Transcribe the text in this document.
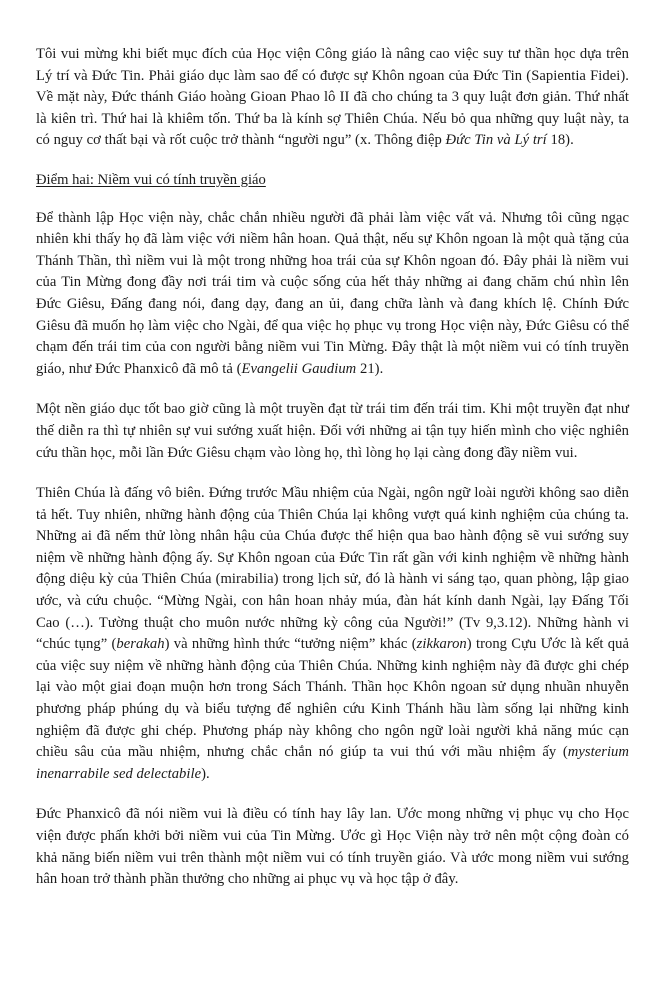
Tôi vui mừng khi biết mục đích của Học viện Công giáo là nâng cao việc suy tư thần học dựa trên Lý trí và Đức Tin. Phải giáo dục làm sao để có được sự Khôn ngoan của Đức Tin (Sapientia Fidei). Về mặt này, Đức thánh Giáo hoàng Gioan Phao lô II đã cho chúng ta 3 quy luật đơn giản. Thứ nhất là kiên trì. Thứ hai là khiêm tốn. Thứ ba là kính sợ Thiên Chúa. Nếu bỏ qua những quy luật này, ta có nguy cơ thất bại và rốt cuộc trở thành “người ngu” (x. Thông điệp Đức Tin và Lý trí 18).

Điểm hai: Niềm vui có tính truyền giáo

Để thành lập Học viện này, chắc chắn nhiều người đã phải làm việc vất vả. Nhưng tôi cũng ngạc nhiên khi thấy họ đã làm việc với niềm hân hoan. Quả thật, nếu sự Khôn ngoan là một quà tặng của Thánh Thần, thì niềm vui là một trong những hoa trái của sự Khôn ngoan đó. Đây phải là niềm vui của Tin Mừng đong đầy nơi trái tim và cuộc sống của hết thảy những ai đang chăm chú nhìn lên Đức Giêsu, Đấng đang nói, đang dạy, đang an ủi, đang chữa lành và đang khích lệ. Chính Đức Giêsu đã muốn họ làm việc cho Ngài, để qua việc họ phục vụ trong Học viện này, Đức Giêsu có thể chạm đến trái tim của con người bằng niềm vui Tin Mừng. Đây thật là một niềm vui có tính truyền giáo, như Đức Phanxicô đã mô tả (Evangelii Gaudium 21).

Một nền giáo dục tốt bao giờ cũng là một truyền đạt từ trái tim đến trái tim. Khi một truyền đạt như thế diễn ra thì tự nhiên sự vui sướng xuất hiện. Đối với những ai tận tụy hiến mình cho việc nghiên cứu thần học, mỗi lần Đức Giêsu chạm vào lòng họ, thì lòng họ lại càng đong đầy niềm vui.

Thiên Chúa là đấng vô biên. Đứng trước Mầu nhiệm của Ngài, ngôn ngữ loài người không sao diễn tả hết. Tuy nhiên, những hành động của Thiên Chúa lại không vượt quá kinh nghiệm của chúng ta. Những ai đã nếm thử lòng nhân hậu của Chúa được thể hiện qua bao hành động sẽ vui sướng suy niệm về những hành động ấy. Sự Khôn ngoan của Đức Tin rất gần với kinh nghiệm về những hành động diệu kỳ của Thiên Chúa (mirabilia) trong lịch sử, đó là hành vi sáng tạo, quan phòng, lập giao ước, và cứu chuộc. “Mừng Ngài, con hân hoan nhảy múa, đàn hát kính danh Ngài, lạy Đấng Tối Cao (…). Tường thuật cho muôn nước những kỳ công của Người!” (Tv 9,3.12). Những hành vi “chúc tụng” (berakah) và những hình thức “tưởng niệm” khác (zikkaron) trong Cựu Ước là kết quả của việc suy niệm về những hành động của Thiên Chúa. Những kinh nghiệm này đã được ghi chép lại vào một giai đoạn muộn hơn trong Sách Thánh. Thần học Khôn ngoan sử dụng nhuần nhuyễn phương pháp phúng dụ và biểu tượng để nghiên cứu Kinh Thánh hầu làm sống lại những kinh nghiệm đã được ghi chép. Phương pháp này không cho ngôn ngữ loài người khả năng múc cạn chiều sâu của mầu nhiệm, nhưng chắc chắn nó giúp ta vui thú với mầu nhiệm ấy (mysterium inenarrabile sed delectabile).

Đức Phanxicô đã nói niềm vui là điều có tính hay lây lan. Ước mong những vị phục vụ cho Học viện được phấn khởi bởi niềm vui của Tin Mừng. Ước gì Học Viện này trở nên một cộng đoàn có khả năng biến niềm vui trên thành một niềm vui có tính truyền giáo. Và ước mong niềm vui sướng hân hoan trở thành phần thưởng cho những ai phục vụ và học tập ở đây.
